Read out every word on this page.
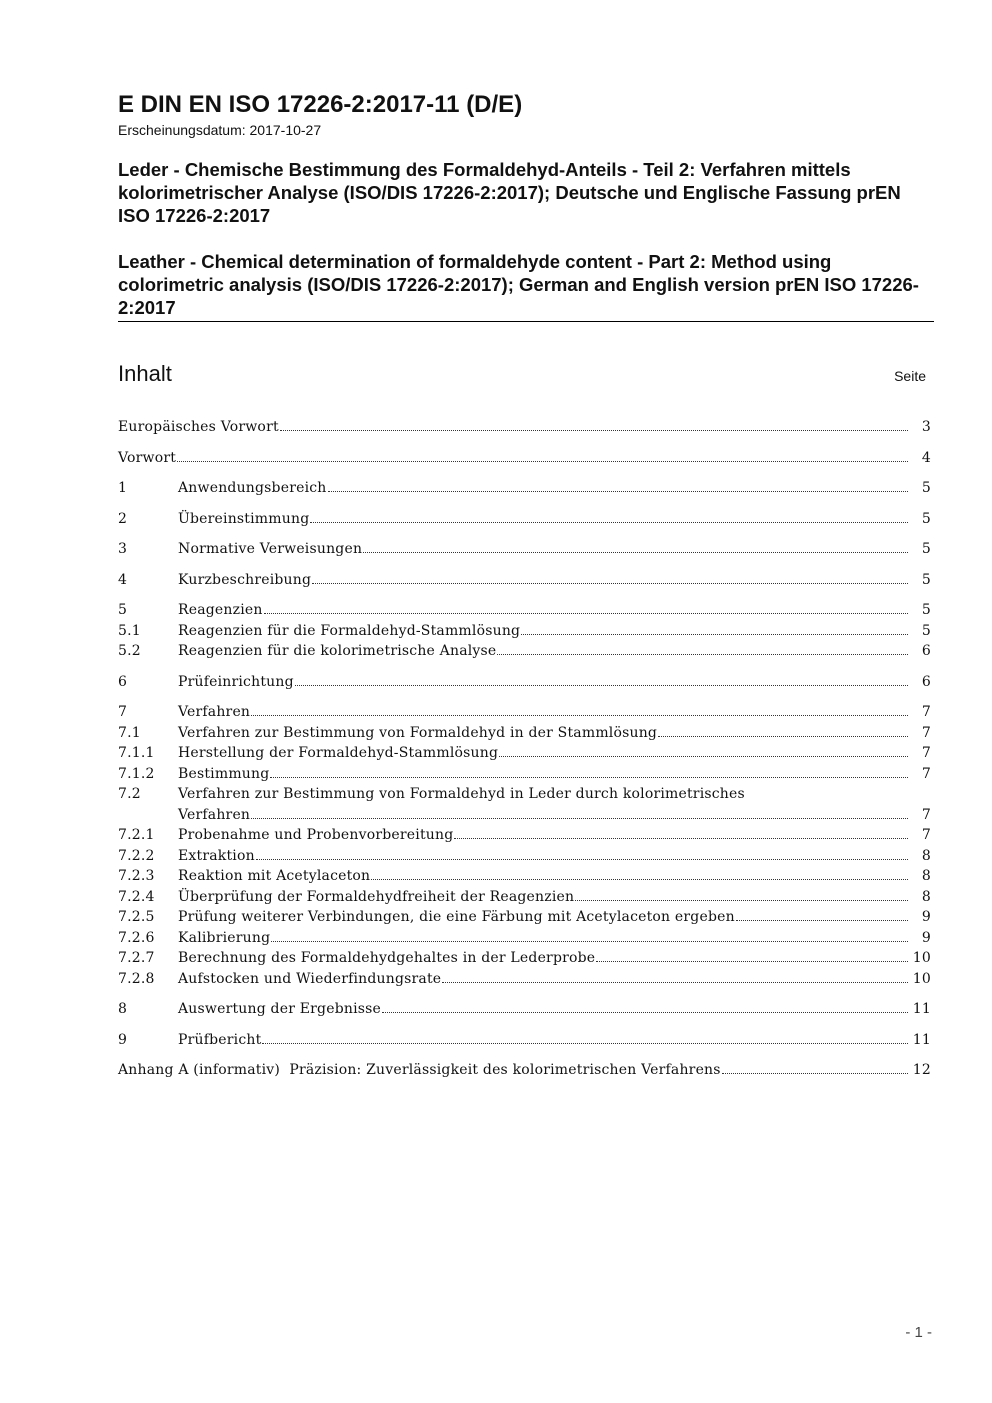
E DIN EN ISO 17226-2:2017-11 (D/E)
Erscheinungsdatum: 2017-10-27

Leder - Chemische Bestimmung des Formaldehyd-Anteils - Teil 2: Verfahren mittels kolorimetrischer Analyse (ISO/DIS 17226-2:2017); Deutsche und Englische Fassung prEN ISO 17226-2:2017

Leather - Chemical determination of formaldehyde content - Part 2: Method using colorimetric analysis (ISO/DIS 17226-2:2017); German and English version prEN ISO 17226-2:2017

Inhalt	Seite
Europäisches Vorwort	3
Vorwort	4
1	Anwendungsbereich	5
2	Übereinstimmung	5
3	Normative Verweisungen	5
4	Kurzbeschreibung	5
5	Reagenzien	5
5.1	Reagenzien für die Formaldehyd-Stammlösung	5
5.2	Reagenzien für die kolorimetrische Analyse	6
6	Prüfeinrichtung	6
7	Verfahren	7
7.1	Verfahren zur Bestimmung von Formaldehyd in der Stammlösung	7
7.1.1 Herstellung der Formaldehyd-Stammlösung	7
7.1.2 Bestimmung	7
7.2	Verfahren zur Bestimmung von Formaldehyd in Leder durch kolorimetrisches
Verfahren	7
7.2.1 Probenahme und Probenvorbereitung	7
7.2.2 Extraktion	8
7.2.3 Reaktion mit Acetylaceton	8
7.2.4 Überprüfung der Formaldehydfreiheit der Reagenzien	8
7.2.5 Prüfung weiterer Verbindungen, die eine Färbung mit Acetylaceton ergeben	9
7.2.6 Kalibrierung	9
7.2.7 Berechnung des Formaldehydgehaltes in der Lederprobe	10
7.2.8 Aufstocken und Wiederfindungsrate	10
8	Auswertung der Ergebnisse	11
9	Prüfbericht	11
Anhang A (informativ)  Präzision: Zuverlässigkeit des kolorimetrischen Verfahrens	12
- 1 -
